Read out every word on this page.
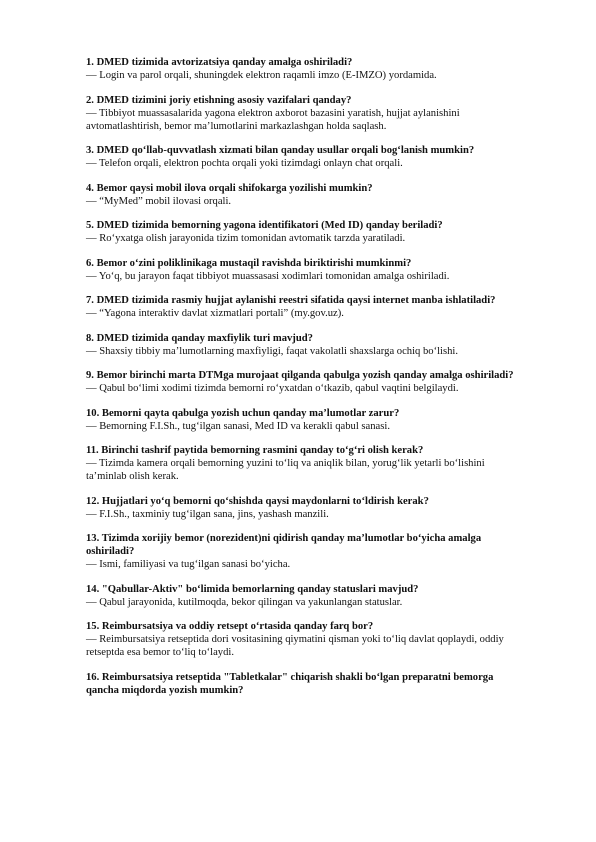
1. DMED tizimida avtorizatsiya qanday amalga oshiriladi?

— Login va parol orqali, shuningdek elektron raqamli imzo (E-IMZO) yordamida.

2. DMED tizimini joriy etishning asosiy vazifalari qanday?

— Tibbiyot muassasalarida yagona elektron axborot bazasini yaratish, hujjat aylanishini avtomatlashtirish, bemor ma’lumotlarini markazlashgan holda saqlash.

3. DMED qo‘llab-quvvatlash xizmati bilan qanday usullar orqali bog‘lanish mumkin?

— Telefon orqali, elektron pochta orqali yoki tizimdagi onlayn chat orqali.

4. Bemor qaysi mobil ilova orqali shifokarga yozilishi mumkin?

— “MyMed” mobil ilovasi orqali.

5. DMED tizimida bemorning yagona identifikatori (Med ID) qanday beriladi?

— Ro‘yxatga olish jarayonida tizim tomonidan avtomatik tarzda yaratiladi.

6. Bemor o‘zini poliklinikaga mustaqil ravishda biriktirishi mumkinmi?

— Yo‘q, bu jarayon faqat tibbiyot muassasasi xodimlari tomonidan amalga oshiriladi.

7. DMED tizimida rasmiy hujjat aylanishi reestri sifatida qaysi internet manba ishlatiladi?

— “Yagona interaktiv davlat xizmatlari portali” (my.gov.uz).

8. DMED tizimida qanday maxfiylik turi mavjud?

— Shaxsiy tibbiy ma’lumotlarning maxfiyligi, faqat vakolatli shaxslarga ochiq bo‘lishi.

9. Bemor birinchi marta DTMga murojaat qilganda qabulga yozish qanday amalga oshiriladi?

— Qabul bo‘limi xodimi tizimda bemorni ro‘yxatdan o‘tkazib, qabul vaqtini belgilaydi.

10. Bemorni qayta qabulga yozish uchun qanday ma’lumotlar zarur?

— Bemorning F.I.Sh., tug‘ilgan sanasi, Med ID va kerakli qabul sanasi.

11. Birinchi tashrif paytida bemorning rasmini qanday to‘g‘ri olish kerak?

— Tizimda kamera orqali bemorning yuzini to‘liq va aniqlik bilan, yorug‘lik yetarli bo‘lishini ta’minlab olish kerak.

12. Hujjatlari yo‘q bemorni qo‘shishda qaysi maydonlarni to‘ldirish kerak?

— F.I.Sh., taxminiy tug‘ilgan sana, jins, yashash manzili.

13. Tizimda xorijiy bemor (norezident)ni qidirish qanday ma’lumotlar bo‘yicha amalga oshiriladi?

— Ismi, familiyasi va tug‘ilgan sanasi bo‘yicha.

14. "Qabullar-Aktiv" bo‘limida bemorlarning qanday statuslari mavjud?

— Qabul jarayonida, kutilmoqda, bekor qilingan va yakunlangan statuslar.

15. Reimbursatsiya va oddiy retsept o‘rtasida qanday farq bor?

— Reimbursatsiya retseptida dori vositasining qiymatini qisman yoki to‘liq davlat qoplaydi, oddiy retseptda esa bemor to‘liq to‘laydi.

16. Reimbursatsiya retseptida "Tabletkalar" chiqarish shakli bo‘lgan preparatni bemorga qancha miqdorda yozish mumkin?
